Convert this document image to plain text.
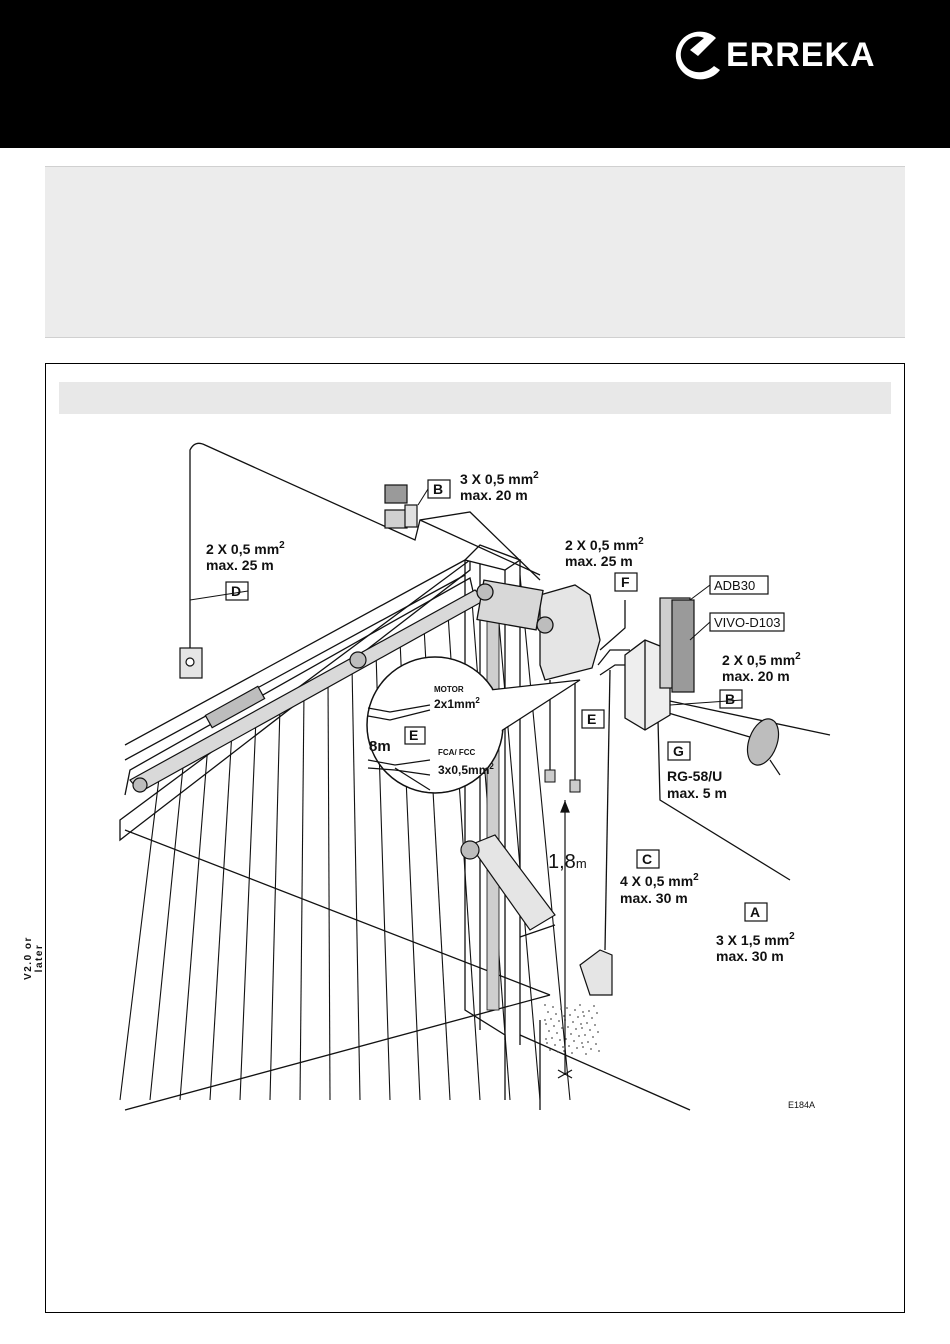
ERREKA
V2.0 or later
B
D
F
E
B
G
C
A
E
ADB30
VIVO-D103
3 X 0,5 $mm^2$
max. 20 m
2 X 0,5 $mm^2$
max. 25 m
2 X 0,5 $mm^2$
max. 25 m
2 X 0,5 $mm^2$
max. 20 m
RG-58/U
max. 5 m
4 X 0,5 $mm^2$
max. 30 m
3 X 1,5 $mm^2$
max. 30 m
MOTOR
$2x1mm^2$
8m	FCA/ FCC
$3x0,5mm^2$
1,8m
E184A
